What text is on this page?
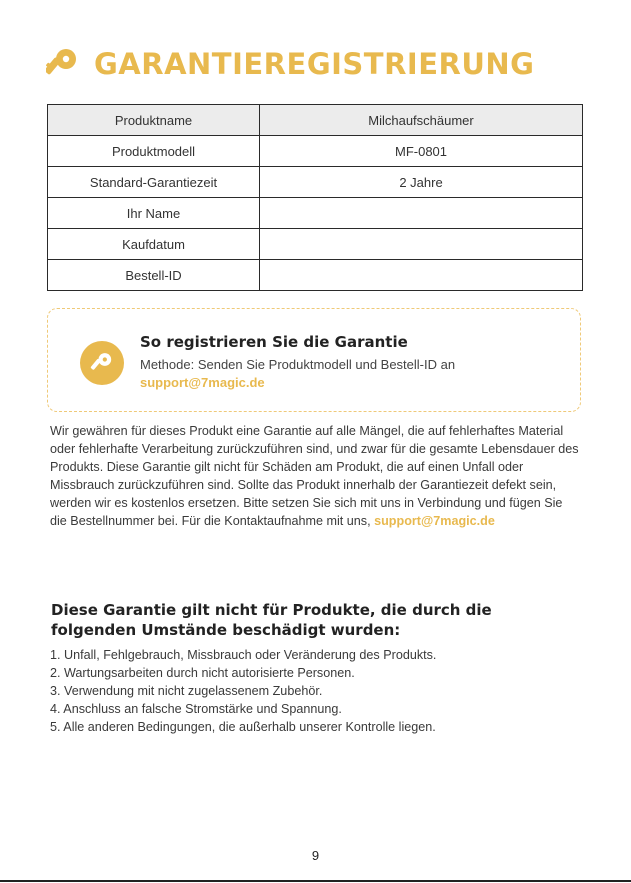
GARANTIEREGISTRIERUNG
Produktname	Milchaufschäumer
Produktmodell	MF-0801
Standard-Garantiezeit	2 Jahre
Ihr Name	
Kaufdatum	
Bestell-ID	
So registrieren Sie die Garantie
Methode: Senden Sie Produktmodell und Bestell-ID an
support@7magic.de

Wir gewähren für dieses Produkt eine Garantie auf alle Mängel, die auf fehlerhaftes Material oder fehlerhafte Verarbeitung zurückzuführen sind, und zwar für die gesamte Lebensdauer des Produkts. Diese Garantie gilt nicht für Schäden am Produkt, die auf einen Unfall oder Missbrauch zurückzuführen sind. Sollte das Produkt innerhalb der Garantiezeit defekt sein, werden wir es kostenlos ersetzen. Bitte setzen Sie sich mit uns in Verbindung und fügen Sie die Bestellnummer bei. Für die Kontaktaufnahme mit uns, support@7magic.de

Diese Garantie gilt nicht für Produkte, die durch die folgenden Umstände beschädigt wurden:
1. Unfall, Fehlgebrauch, Missbrauch oder Veränderung des Produkts.
2. Wartungsarbeiten durch nicht autorisierte Personen.
3. Verwendung mit nicht zugelassenem Zubehör.
4. Anschluss an falsche Stromstärke und Spannung.
5. Alle anderen Bedingungen, die außerhalb unserer Kontrolle liegen.
9
